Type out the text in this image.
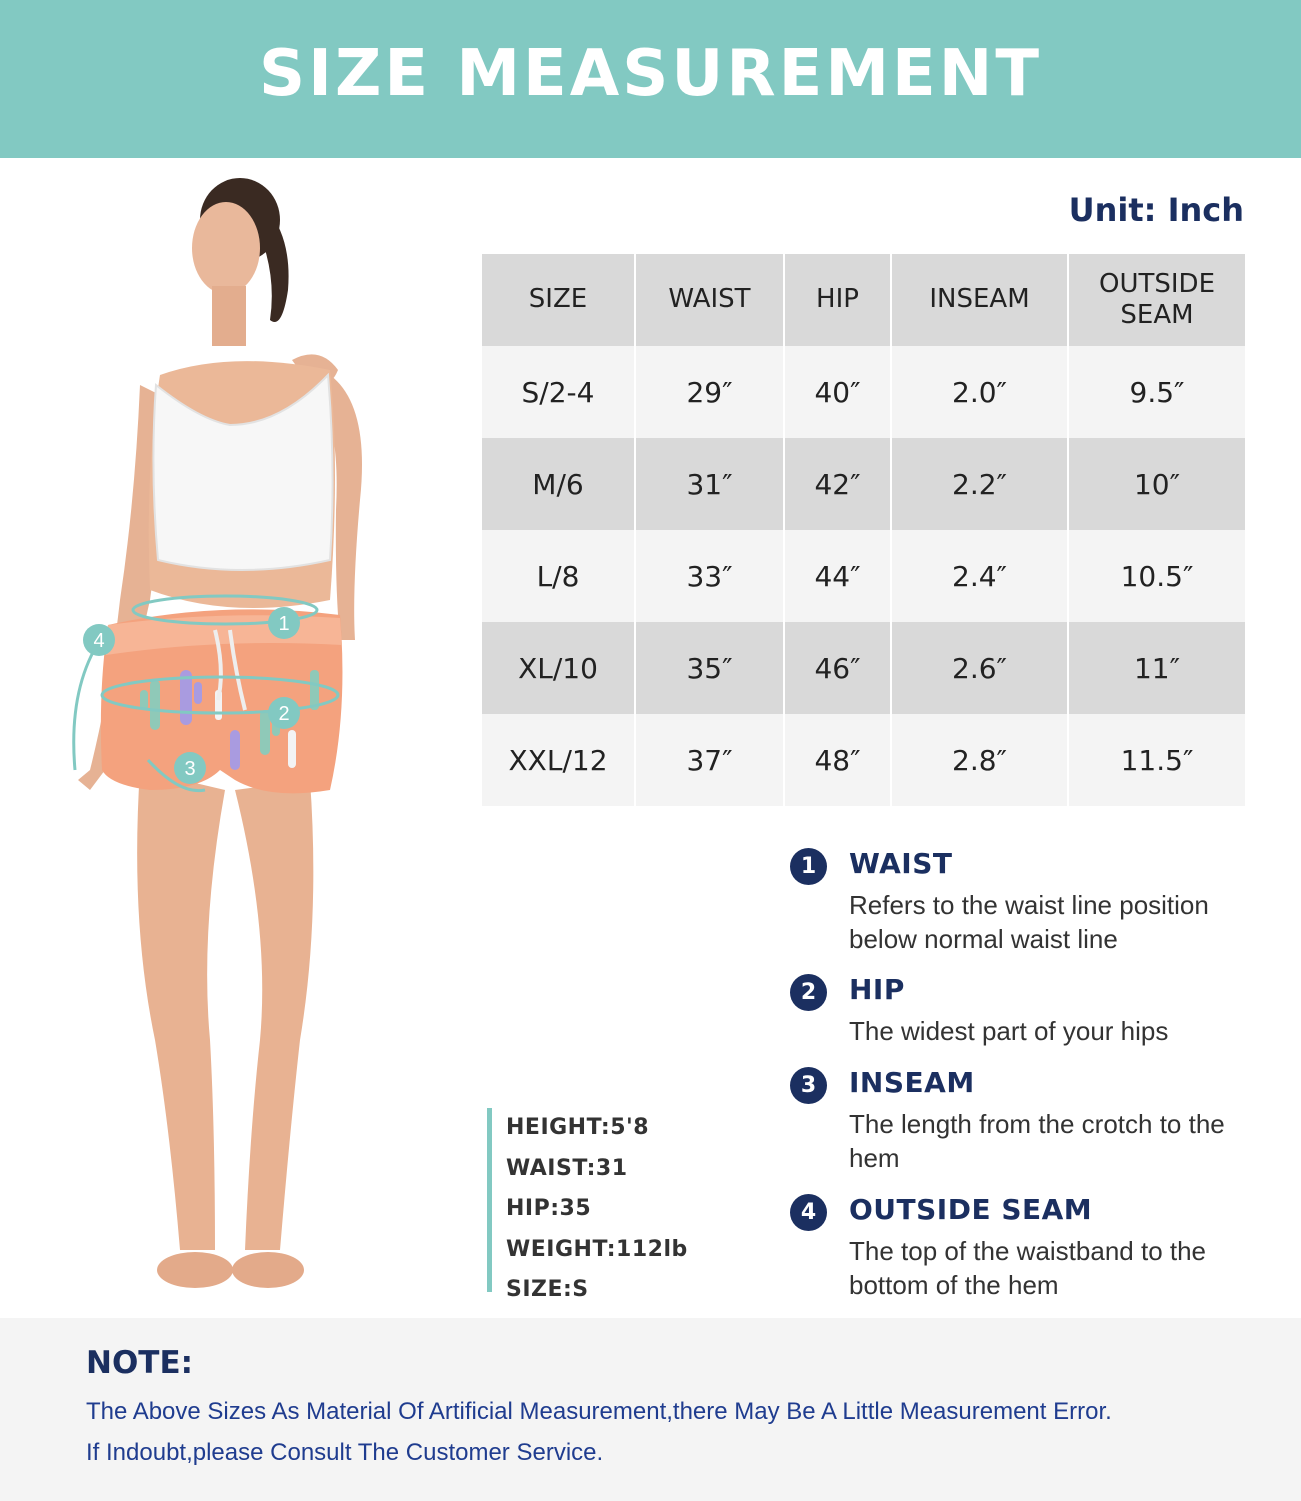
SIZE MEASUREMENT
Unit: Inch
1
2
3
4
SIZE	WAIST	HIP	INSEAM	OUTSIDE SEAM
S/2-4	29″	40″	2.0″	9.5″
M/6	31″	42″	2.2″	10″
L/8	33″	44″	2.4″	10.5″
XL/10	35″	46″	2.6″	11″
XXL/12	37″	48″	2.8″	11.5″
HEIGHT:5'8
WAIST:31
HIP:35
WEIGHT:112lb
SIZE:S
1	WAIST
Refers to the waist line position below normal waist line
2	HIP
The widest part of your hips
3	INSEAM
The length from the crotch to the hem
4	OUTSIDE SEAM
The top of the waistband to the bottom of the hem
NOTE:

The Above Sizes As Material Of Artificial Measurement,there May Be A Little Measurement Error.

If Indoubt,please Consult The Customer Service.
